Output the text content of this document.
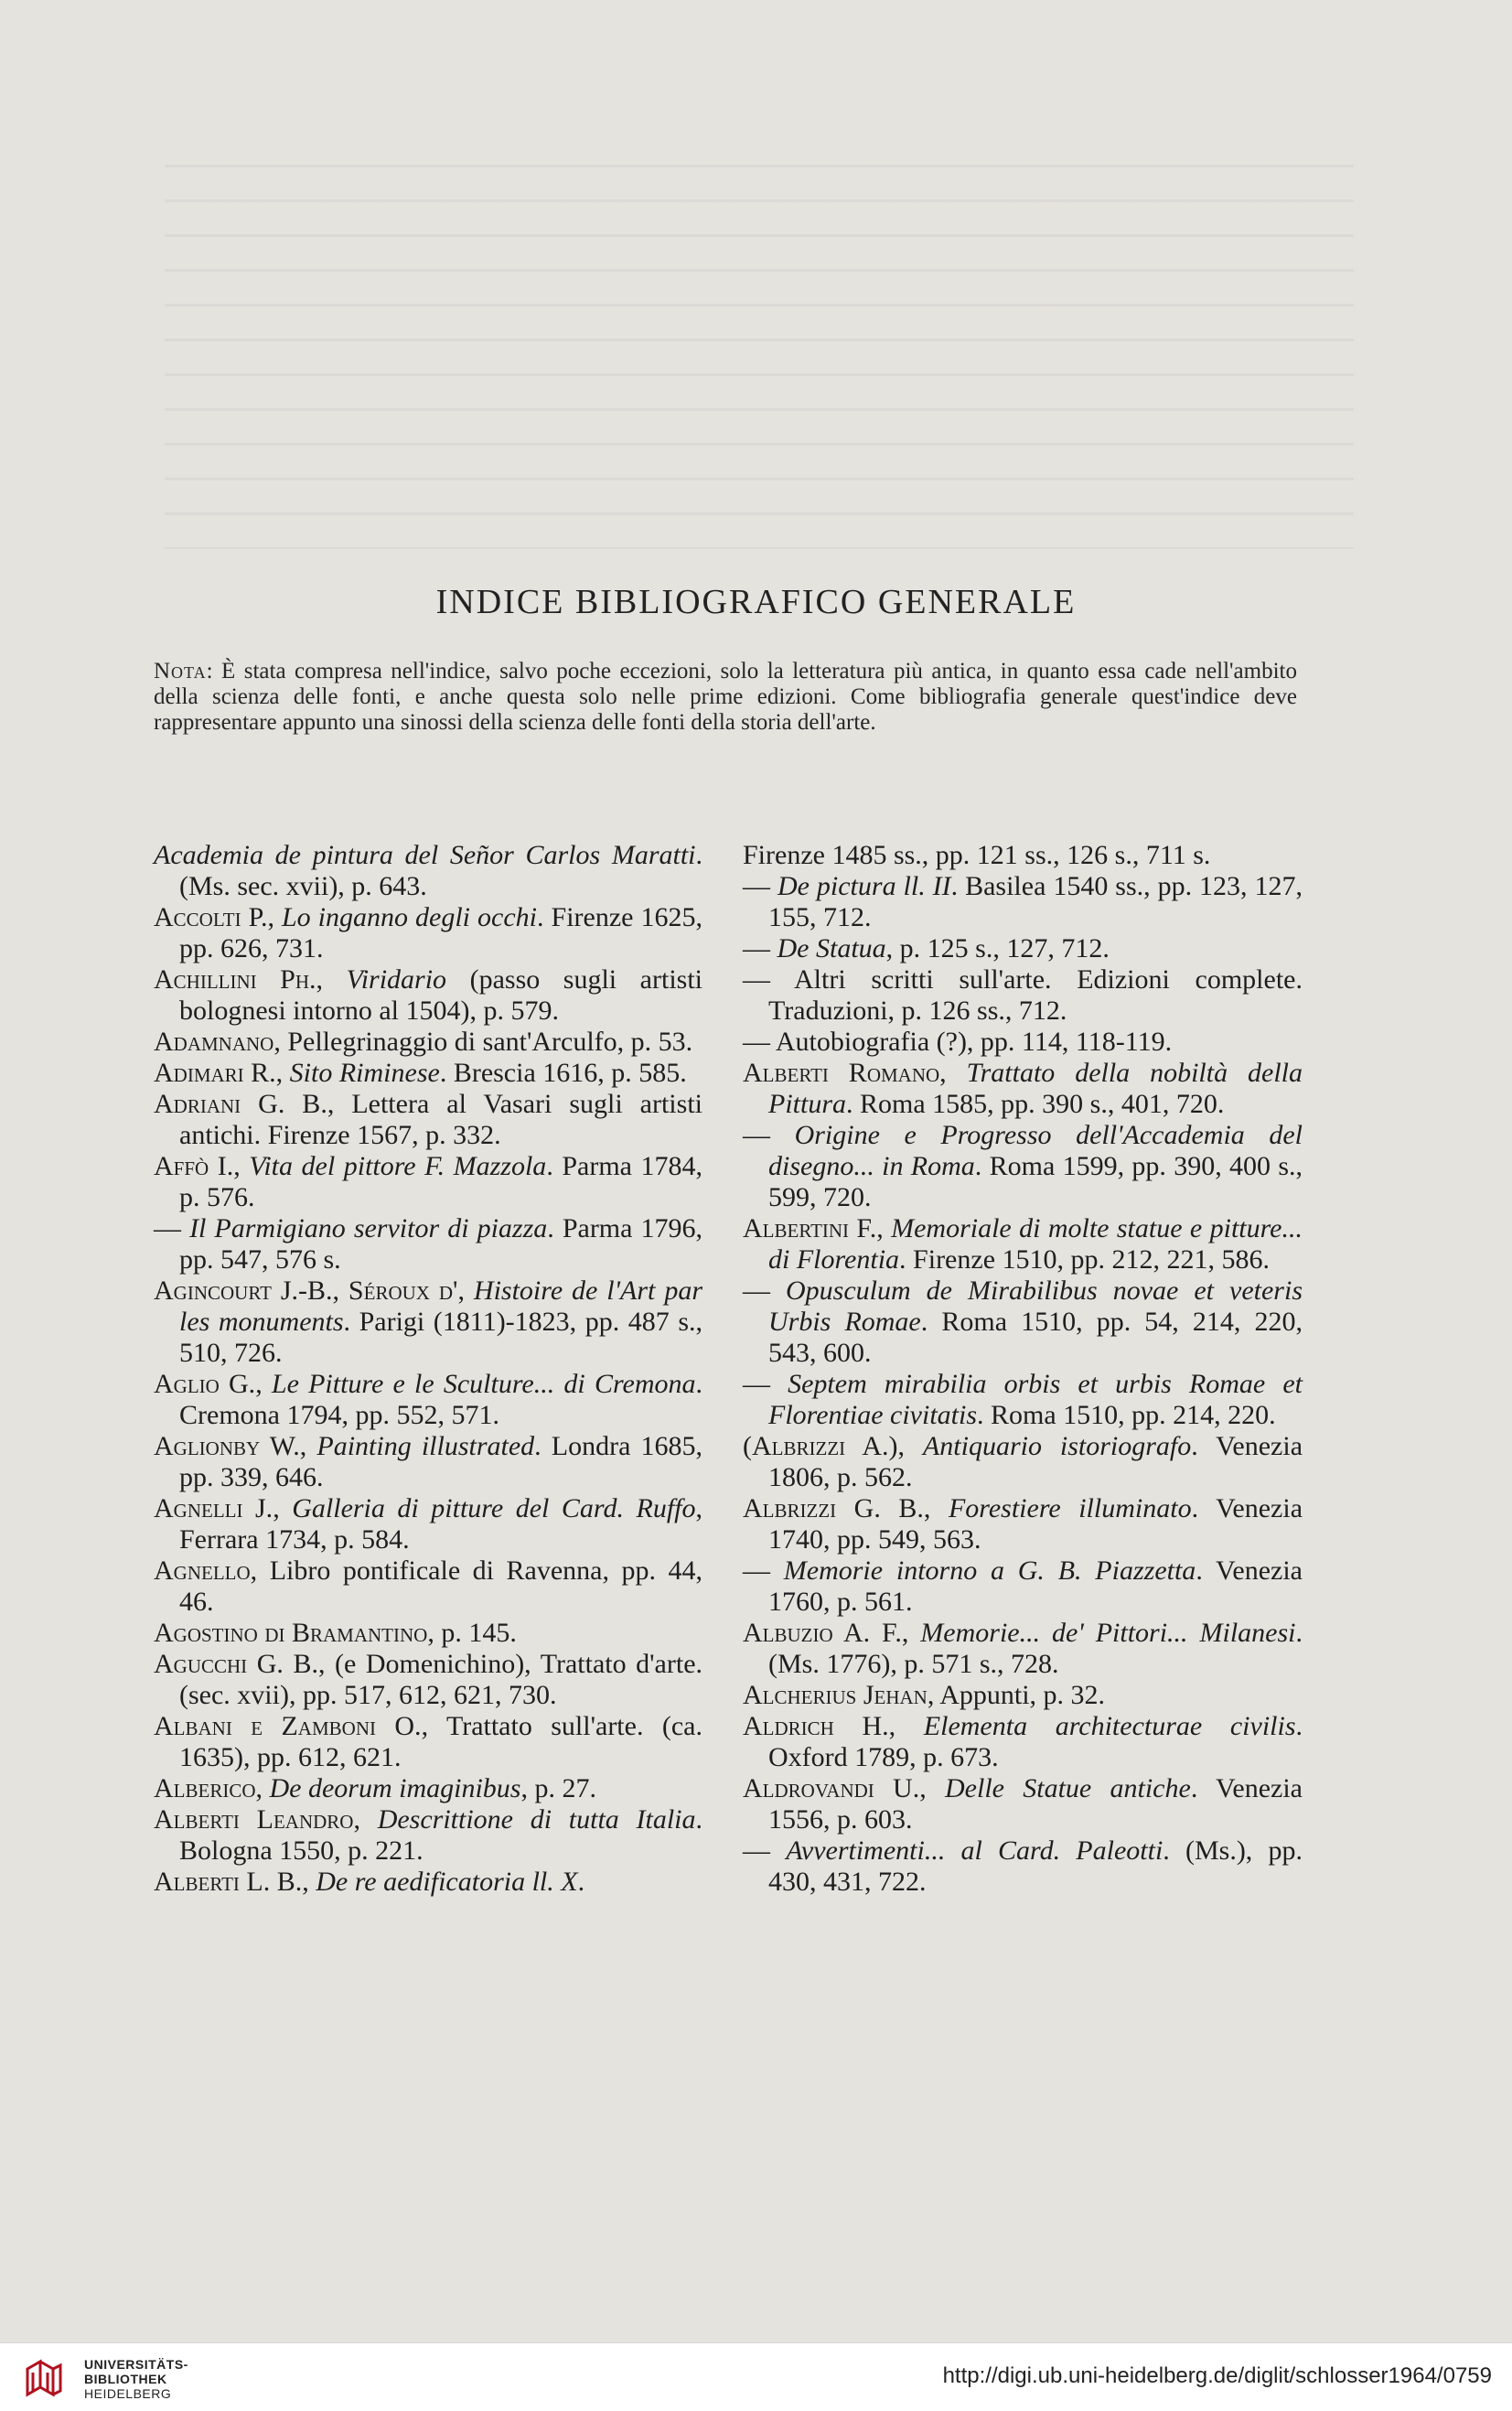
INDICE BIBLIOGRAFICO GENERALE
Nota: È stata compresa nell'indice, salvo poche eccezioni, solo la letteratura più antica, in quanto essa cade nell'ambito della scienza delle fonti, e anche questa solo nelle prime edizioni. Come bibliografia generale quest'indice deve rappresentare appunto una sinossi della scienza delle fonti della storia dell'arte.
Academia de pintura del Señor Carlos Maratti. (Ms. sec. xvii), p. 643.
Accolti P., Lo inganno degli occhi. Firenze 1625, pp. 626, 731.
Achillini Ph., Viridario (passo sugli artisti bolognesi intorno al 1504), p. 579.
Adamnano, Pellegrinaggio di sant'Arculfo, p. 53.
Adimari R., Sito Riminese. Brescia 1616, p. 585.
Adriani G. B., Lettera al Vasari sugli artisti antichi. Firenze 1567, p. 332.
Affò I., Vita del pittore F. Mazzola. Parma 1784, p. 576.
— Il Parmigiano servitor di piazza. Parma 1796, pp. 547, 576 s.
Agincourt J.-B., Séroux d', Histoire de l'Art par les monuments. Parigi (1811)-1823, pp. 487 s., 510, 726.
Aglio G., Le Pitture e le Sculture... di Cremona. Cremona 1794, pp. 552, 571.
Aglionby W., Painting illustrated. Londra 1685, pp. 339, 646.
Agnelli J., Galleria di pitture del Card. Ruffo, Ferrara 1734, p. 584.
Agnello, Libro pontificale di Ravenna, pp. 44, 46.
Agostino di Bramantino, p. 145.
Agucchi G. B., (e Domenichino), Trattato d'arte. (sec. xvii), pp. 517, 612, 621, 730.
Albani e Zamboni O., Trattato sull'arte. (ca. 1635), pp. 612, 621.
Alberico, De deorum imaginibus, p. 27.
Alberti Leandro, Descrittione di tutta Italia. Bologna 1550, p. 221.
Alberti L. B., De re aedificatoria ll. X.
Firenze 1485 ss., pp. 121 ss., 126 s., 711 s.
— De pictura ll. II. Basilea 1540 ss., pp. 123, 127, 155, 712.
— De Statua, p. 125 s., 127, 712.
— Altri scritti sull'arte. Edizioni complete. Traduzioni, p. 126 ss., 712.
— Autobiografia (?), pp. 114, 118-119.
Alberti Romano, Trattato della nobiltà della Pittura. Roma 1585, pp. 390 s., 401, 720.
— Origine e Progresso dell'Accademia del disegno... in Roma. Roma 1599, pp. 390, 400 s., 599, 720.
Albertini F., Memoriale di molte statue e pitture... di Florentia. Firenze 1510, pp. 212, 221, 586.
— Opusculum de Mirabilibus novae et veteris Urbis Romae. Roma 1510, pp. 54, 214, 220, 543, 600.
— Septem mirabilia orbis et urbis Romae et Florentiae civitatis. Roma 1510, pp. 214, 220.
(Albrizzi A.), Antiquario istoriografo. Venezia 1806, p. 562.
Albrizzi G. B., Forestiere illuminato. Venezia 1740, pp. 549, 563.
— Memorie intorno a G. B. Piazzetta. Venezia 1760, p. 561.
Albuzio A. F., Memorie... de' Pittori... Milanesi. (Ms. 1776), p. 571 s., 728.
Alcherius Jehan, Appunti, p. 32.
Aldrich H., Elementa architecturae civilis. Oxford 1789, p. 673.
Aldrovandi U., Delle Statue antiche. Venezia 1556, p. 603.
— Avvertimenti... al Card. Paleotti. (Ms.), pp. 430, 431, 722.
UNIVERSITÄTS-
BIBLIOTHEK
HEIDELBERG
http://digi.ub.uni-heidelberg.de/diglit/schlosser1964/0759
